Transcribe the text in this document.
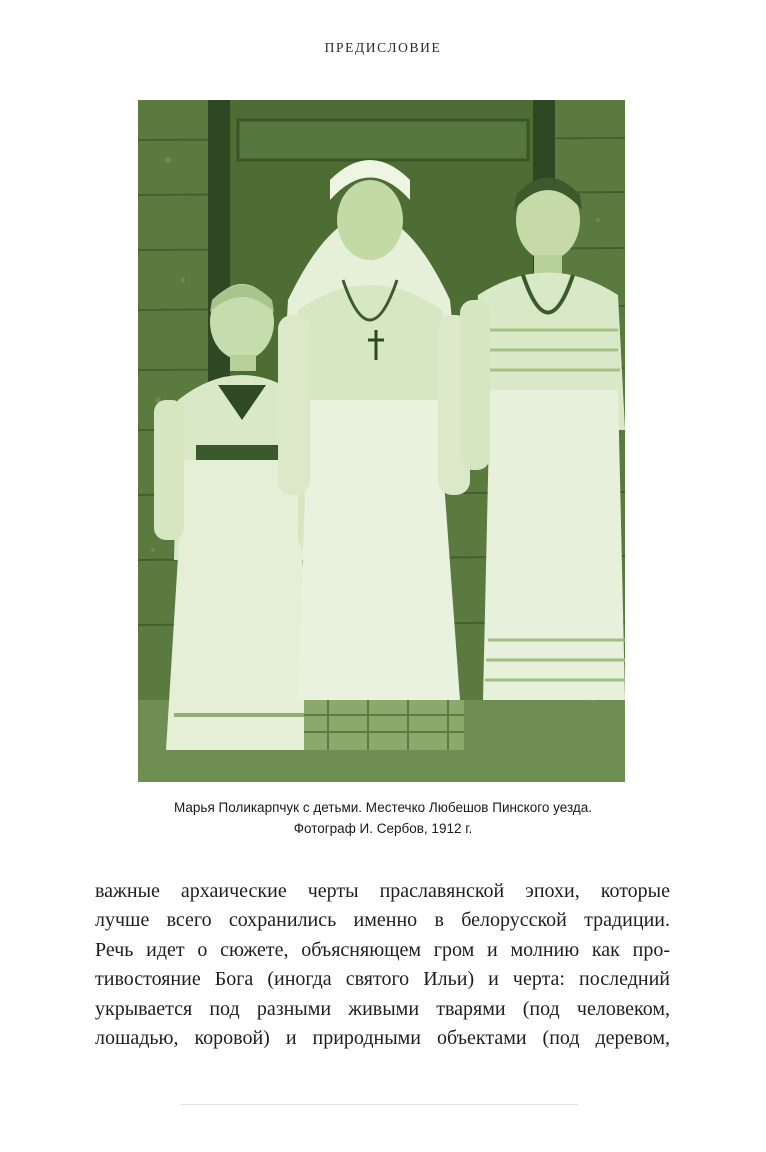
ПРЕДИСЛОВИЕ
Марья Поликарпчук с детьми. Местечко Любешов Пинского уезда.
Фотограф И. Сербов, 1912 г.
важные архаические черты праславянской эпохи, которые
лучше всего сохранились именно в белорусской традиции.
Речь идет о сюжете, объясняющем гром и молнию как про-
тивостояние Бога (иногда святого Ильи) и черта: последний
укрывается под разными живыми тварями (под человеком,
лошадью, коровой) и природными объектами (под деревом,
